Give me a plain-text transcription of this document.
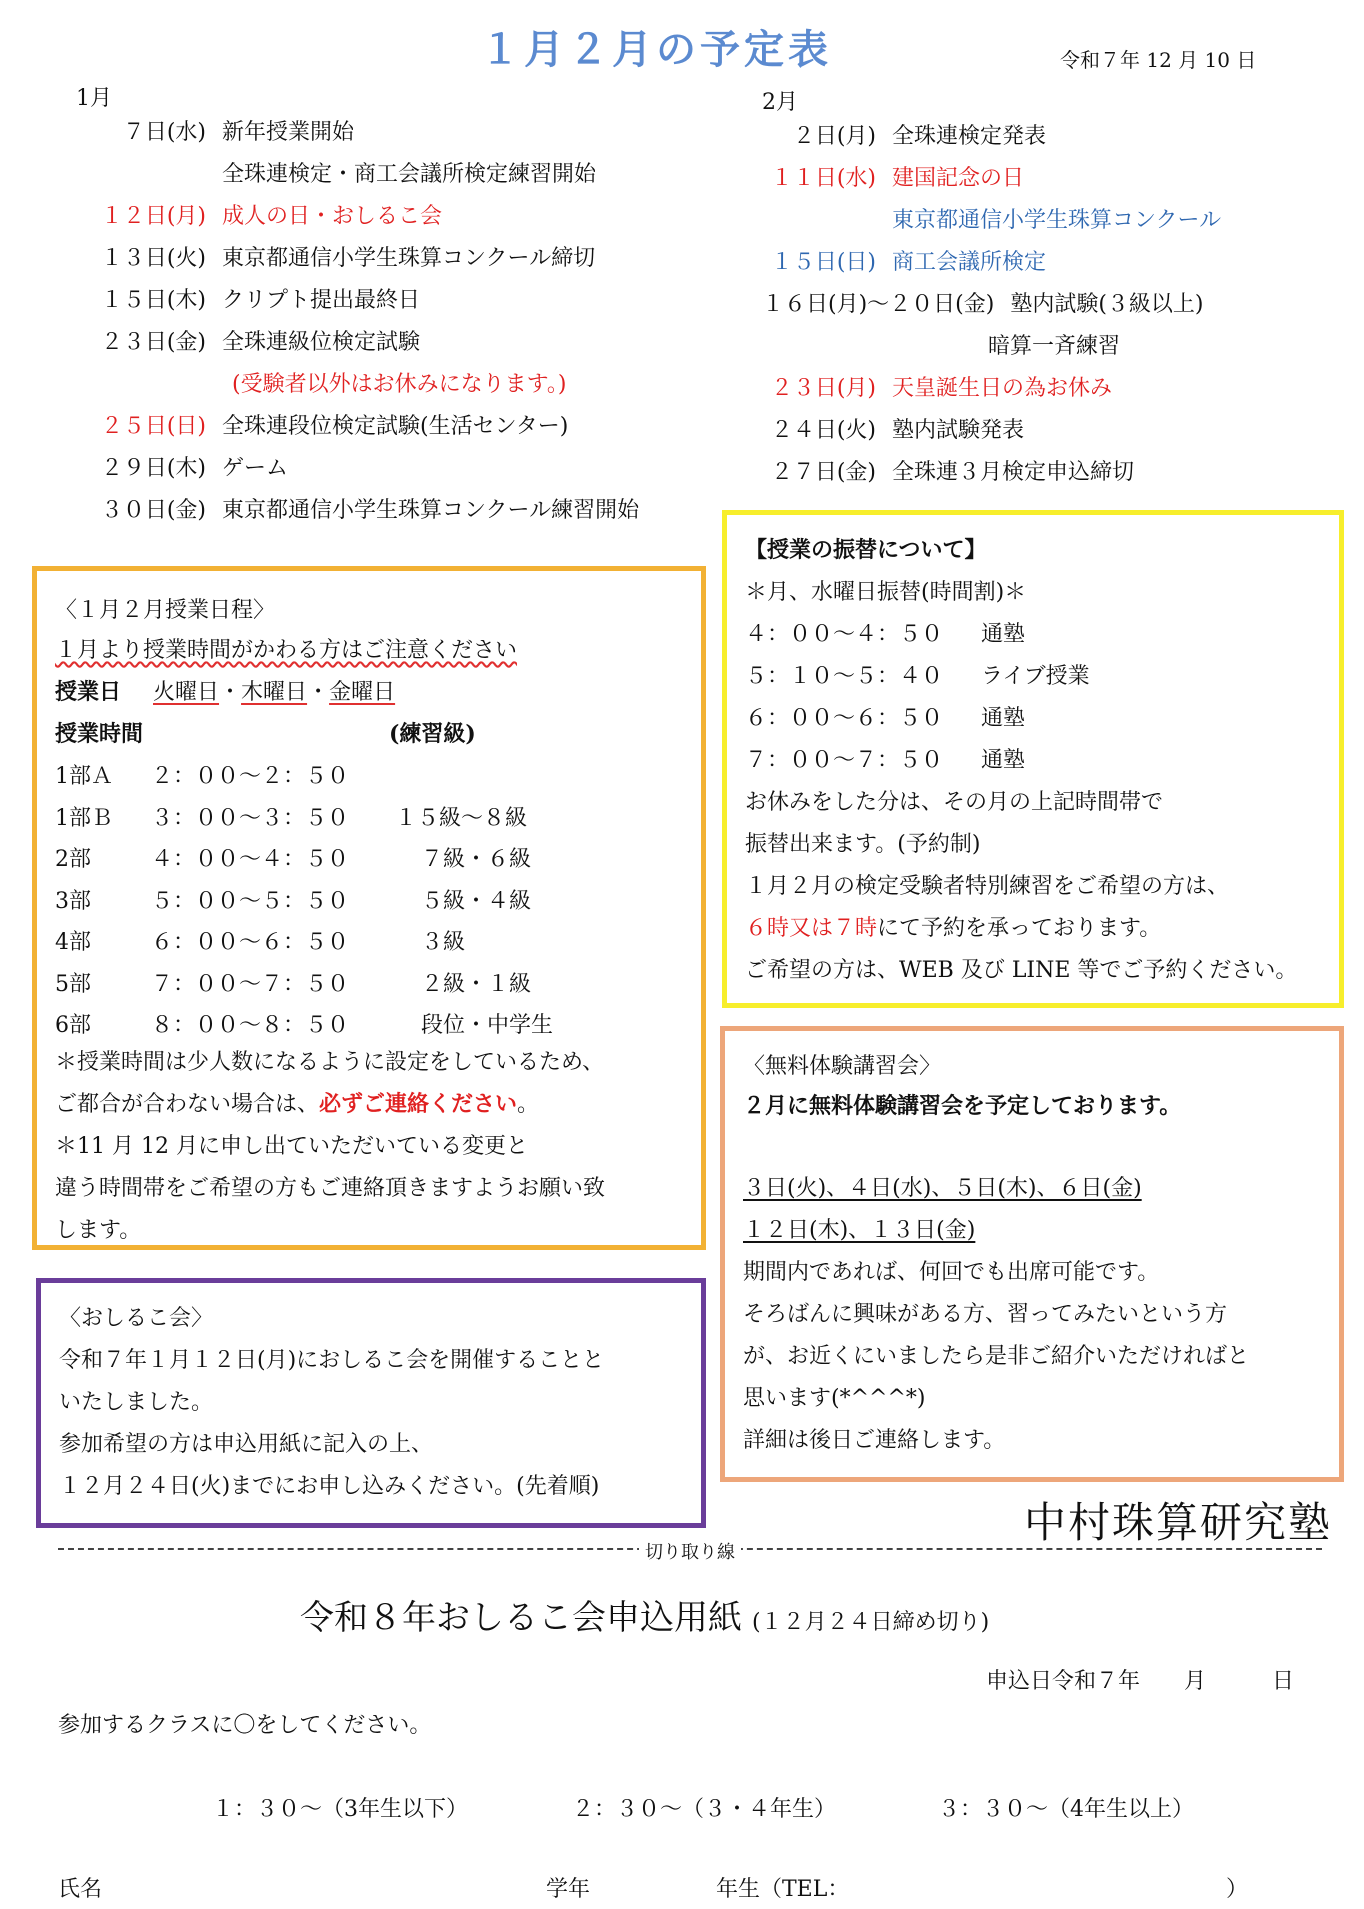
１月２月の予定表	令和７年 12 月 10 日
1月
７日(水) 新年授業開始
全珠連検定・商工会議所検定練習開始
１２日(月) 成人の日・おしるこ会
１３日(火) 東京都通信小学生珠算コンクール締切
１５日(木) クリプト提出最終日
２３日(金) 全珠連級位検定試験
(受験者以外はお休みになります。)
２５日(日) 全珠連段位検定試験(生活センター)
２９日(木) ゲーム
３０日(金) 東京都通信小学生珠算コンクール練習開始
2月
２日(月) 全珠連検定発表
１１日(水) 建国記念の日
東京都通信小学生珠算コンクール
１５日(日) 商工会議所検定
１６日(月)～２０日(金) 塾内試験(３級以上)
暗算一斉練習
２３日(月) 天皇誕生日の為お休み
２４日(火) 塾内試験発表
２７日(金) 全珠連３月検定申込締切
〈１月２月授業日程〉
１月より授業時間がかわる方はご注意ください
授業日 火曜日・木曜日・金曜日
授業時間	(練習級)
1部Ａ ２：００～２：５０
1部Ｂ ３：００～３：５０ １５級～８級
2部	４：００～４：５０	７級・６級
3部	５：００～５：５０	５級・４級
4部	６：００～６：５０	３級
5部	７：００～７：５０	２級・１級
6部	８：００～８：５０	段位・中学生
＊授業時間は少人数になるように設定をしているため、
ご都合が合わない場合は、必ずご連絡ください。
＊11 月 12 月に申し出ていただいている変更と
違う時間帯をご希望の方もご連絡頂きますようお願い致
します。
【授業の振替について】
＊月、水曜日振替(時間割)＊
４：００～４：５０ 通塾
５：１０～５：４０ ライブ授業
６：００～６：５０ 通塾
７：００～７：５０ 通塾
お休みをした分は、その月の上記時間帯で
振替出来ます。(予約制)
１月２月の検定受験者特別練習をご希望の方は、
６時又は７時にて予約を承っております。
ご希望の方は、WEB 及び LINE 等でご予約ください。
〈おしるこ会〉
令和７年１月１２日(月)におしるこ会を開催することと
いたしました。
参加希望の方は申込用紙に記入の上、
１２月２４日(火)までにお申し込みください。(先着順)
〈無料体験講習会〉
２月に無料体験講習会を予定しております。
３日(火)、４日(水)、５日(木)、６日(金)
１２日(木)、１３日(金)
期間内であれば、何回でも出席可能です。
そろばんに興味がある方、習ってみたいという方
が、お近くにいましたら是非ご紹介いただければと
思います(*^^^*)
詳細は後日ご連絡します。
中村珠算研究塾
切り取り線
令和８年おしるこ会申込用紙 (１２月２４日締め切り)
申込日令和７年　　月　　　日
参加するクラスに〇をしてください。
１：３０～（3年生以下）	２：３０～（３・４年生）	３：３０～（4年生以上）
氏名	学年	年生（TEL：	）
